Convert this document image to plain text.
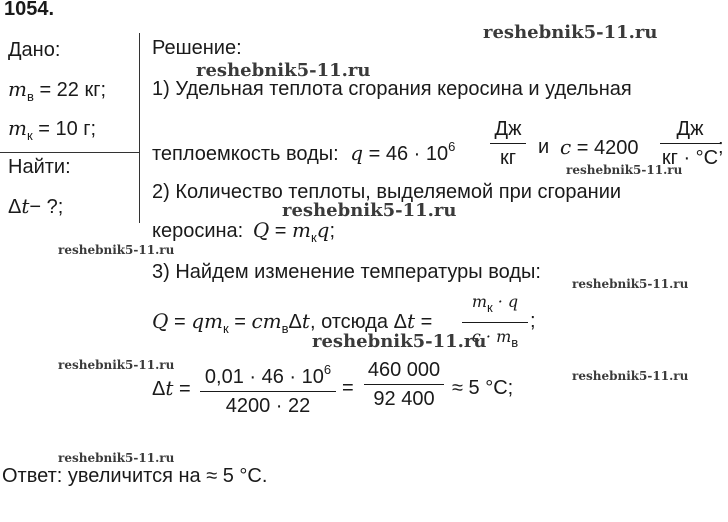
1054.
Дано:
$m_в = 22$ кг;
$m_к = 10$ г;
Найти:
Δt− ?;
Решение:
1) Удельная теплота сгорания керосина и удельная
теплоемкость воды: $q = 46 \cdot 10^6$
Дж
кг	и c = 4200
Дж
кг · °C ;
2) Количество теплоты, выделяемой при сгорании
керосина: $Q = m_кq$;
3) Найдем изменение температуры воды:
$Q = qm_к = cm_в\Delta t$, отсюда Δt =
$m_к \cdot q$
$c \cdot m_в$
;
Δt =
$0,01 \cdot 46 \cdot 10^6$
4200 · 22
=
460 000
92 400 ≈ 5 °C;
Ответ: увеличится на ≈ 5 °C.
reshebnik5-11.ru
reshebnik5-11.ru
reshebnik5-11.ru
reshebnik5-11.ru
reshebnik5-11.ru
reshebnik5-11.ru
reshebnik5-11.ru
reshebnik5-11.ru
reshebnik5-11.ru
reshebnik5-11.ru
